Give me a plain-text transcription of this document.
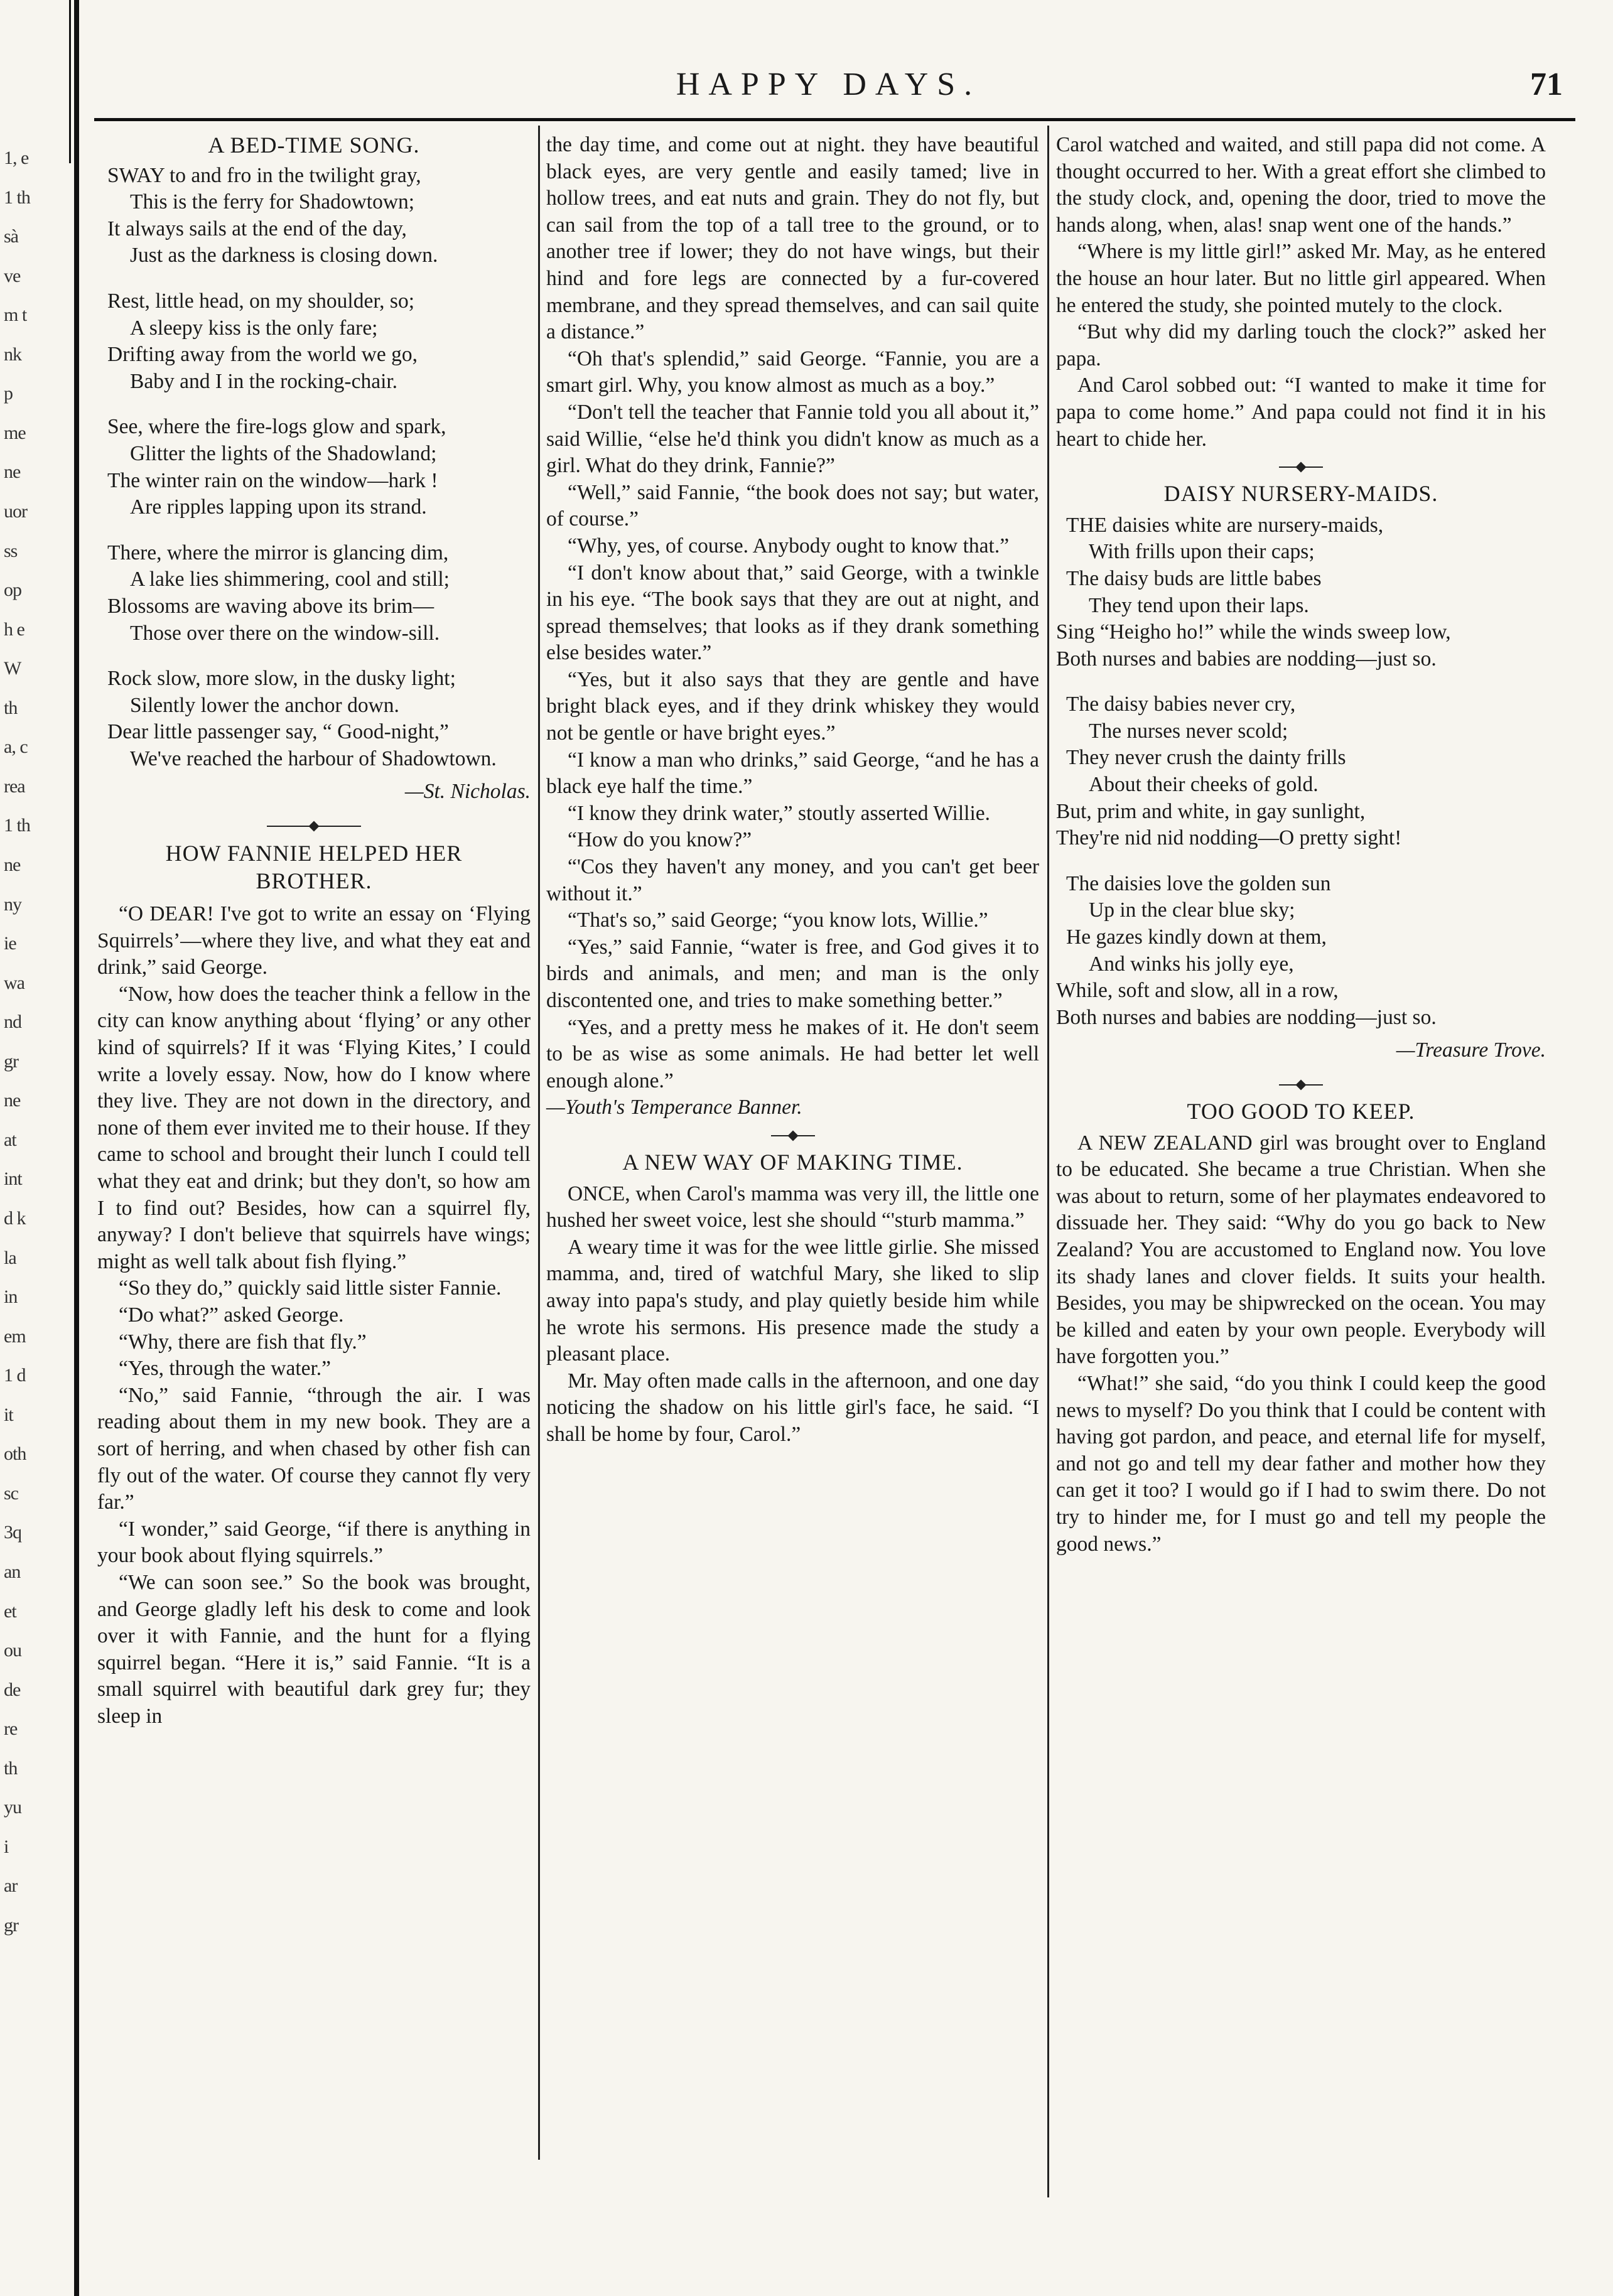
1, e
1 th
sà
ve
m t
nk
p
me
ne
uor
ss
op
h e
W
th
a, c
rea
1 th
ne
ny
ie
wa
nd
gr
ne
at
int
d k
la
in
em
1 d
it
oth
sc
3q
an
et
ou
de
re
th
yu
i
ar
gr
HAPPY DAYS.	71
A BED-TIME SONG.
SWAY to and fro in the twilight gray,
This is the ferry for Shadowtown;
It always sails at the end of the day,
Just as the darkness is closing down.
Rest, little head, on my shoulder, so;
A sleepy kiss is the only fare;
Drifting away from the world we go,
Baby and I in the rocking-chair.
See, where the fire-logs glow and spark,
Glitter the lights of the Shadowland;
The winter rain on the window—hark !
Are ripples lapping upon its strand.
There, where the mirror is glancing dim,
A lake lies shimmering, cool and still;
Blossoms are waving above its brim—
Those over there on the window-sill.
Rock slow, more slow, in the dusky light;
Silently lower the anchor down.
Dear little passenger say, “ Good-night,”
We've reached the harbour of Shadowtown.
—St. Nicholas.
HOW FANNIE HELPED HER
BROTHER.

“O DEAR! I've got to write an essay on ‘Flying Squirrels’—where they live, and what they eat and drink,” said George.

“Now, how does the teacher think a fellow in the city can know anything about ‘flying’ or any other kind of squirrels? If it was ‘Flying Kites,’ I could write a lovely essay. Now, how do I know where they live. They are not down in the directory, and none of them ever invited me to their house. If they came to school and brought their lunch I could tell what they eat and drink; but they don't, so how am I to find out? Besides, how can a squirrel fly, anyway? I don't believe that squirrels have wings; might as well talk about fish flying.”

“So they do,” quickly said little sister Fannie.

“Do what?” asked George.

“Why, there are fish that fly.”

“Yes, through the water.”

“No,” said Fannie, “through the air. I was reading about them in my new book. They are a sort of herring, and when chased by other fish can fly out of the water. Of course they cannot fly very far.”

“I wonder,” said George, “if there is anything in your book about flying squirrels.”

“We can soon see.” So the book was brought, and George gladly left his desk to come and look over it with Fannie, and the hunt for a flying squirrel began. “Here it is,” said Fannie. “It is a small squirrel with beautiful dark grey fur; they sleep in

the day time, and come out at night. they have beautiful black eyes, are very gentle and easily tamed; live in hollow trees, and eat nuts and grain. They do not fly, but can sail from the top of a tall tree to the ground, or to another tree if lower; they do not have wings, but their hind and fore legs are connected by a fur-covered membrane, and they spread themselves, and can sail quite a distance.”

“Oh that's splendid,” said George. “Fannie, you are a smart girl. Why, you know almost as much as a boy.”

“Don't tell the teacher that Fannie told you all about it,” said Willie, “else he'd think you didn't know as much as a girl. What do they drink, Fannie?”

“Well,” said Fannie, “the book does not say; but water, of course.”

“Why, yes, of course. Anybody ought to know that.”

“I don't know about that,” said George, with a twinkle in his eye. “The book says that they are out at night, and spread themselves; that looks as if they drank something else besides water.”

“Yes, but it also says that they are gentle and have bright black eyes, and if they drink whiskey they would not be gentle or have bright eyes.”

“I know a man who drinks,” said George, “and he has a black eye half the time.”

“I know they drink water,” stoutly asserted Willie.

“How do you know?”

“'Cos they haven't any money, and you can't get beer without it.”

“That's so,” said George; “you know lots, Willie.”

“Yes,” said Fannie, “water is free, and God gives it to birds and animals, and men; and man is the only discontented one, and tries to make something better.”

“Yes, and a pretty mess he makes of it. He don't seem to be as wise as some animals. He had better let well enough alone.”

—Youth's Temperance Banner.

A NEW WAY OF MAKING TIME.

ONCE, when Carol's mamma was very ill, the little one hushed her sweet voice, lest she should “'sturb mamma.”

A weary time it was for the wee little girlie. She missed mamma, and, tired of watchful Mary, she liked to slip away into papa's study, and play quietly beside him while he wrote his sermons. His presence made the study a pleasant place.

Mr. May often made calls in the afternoon, and one day noticing the shadow on his little girl's face, he said. “I shall be home by four, Carol.”

Carol watched and waited, and still papa did not come. A thought occurred to her. With a great effort she climbed to the study clock, and, opening the door, tried to move the hands along, when, alas! snap went one of the hands.”

“Where is my little girl!” asked Mr. May, as he entered the house an hour later. But no little girl appeared. When he entered the study, she pointed mutely to the clock.

“But why did my darling touch the clock?” asked her papa.

And Carol sobbed out: “I wanted to make it time for papa to come home.” And papa could not find it in his heart to chide her.

DAISY NURSERY-MAIDS.
THE daisies white are nursery-maids,
With frills upon their caps;
The daisy buds are little babes
They tend upon their laps.
Sing “Heigho ho!” while the winds sweep low,
Both nurses and babies are nodding—just so.
The daisy babies never cry,
The nurses never scold;
They never crush the dainty frills
About their cheeks of gold.
But, prim and white, in gay sunlight,
They're nid nid nodding—O pretty sight!
The daisies love the golden sun
Up in the clear blue sky;
He gazes kindly down at them,
And winks his jolly eye,
While, soft and slow, all in a row,
Both nurses and babies are nodding—just so.
—Treasure Trove.
TOO GOOD TO KEEP.

A NEW ZEALAND girl was brought over to England to be educated. She became a true Christian. When she was about to return, some of her playmates endeavored to dissuade her. They said: “Why do you go back to New Zealand? You are accustomed to England now. You love its shady lanes and clover fields. It suits your health. Besides, you may be shipwrecked on the ocean. You may be killed and eaten by your own people. Everybody will have forgotten you.”

“What!” she said, “do you think I could keep the good news to myself? Do you think that I could be content with having got pardon, and peace, and eternal life for myself, and not go and tell my dear father and mother how they can get it too? I would go if I had to swim there. Do not try to hinder me, for I must go and tell my people the good news.”
